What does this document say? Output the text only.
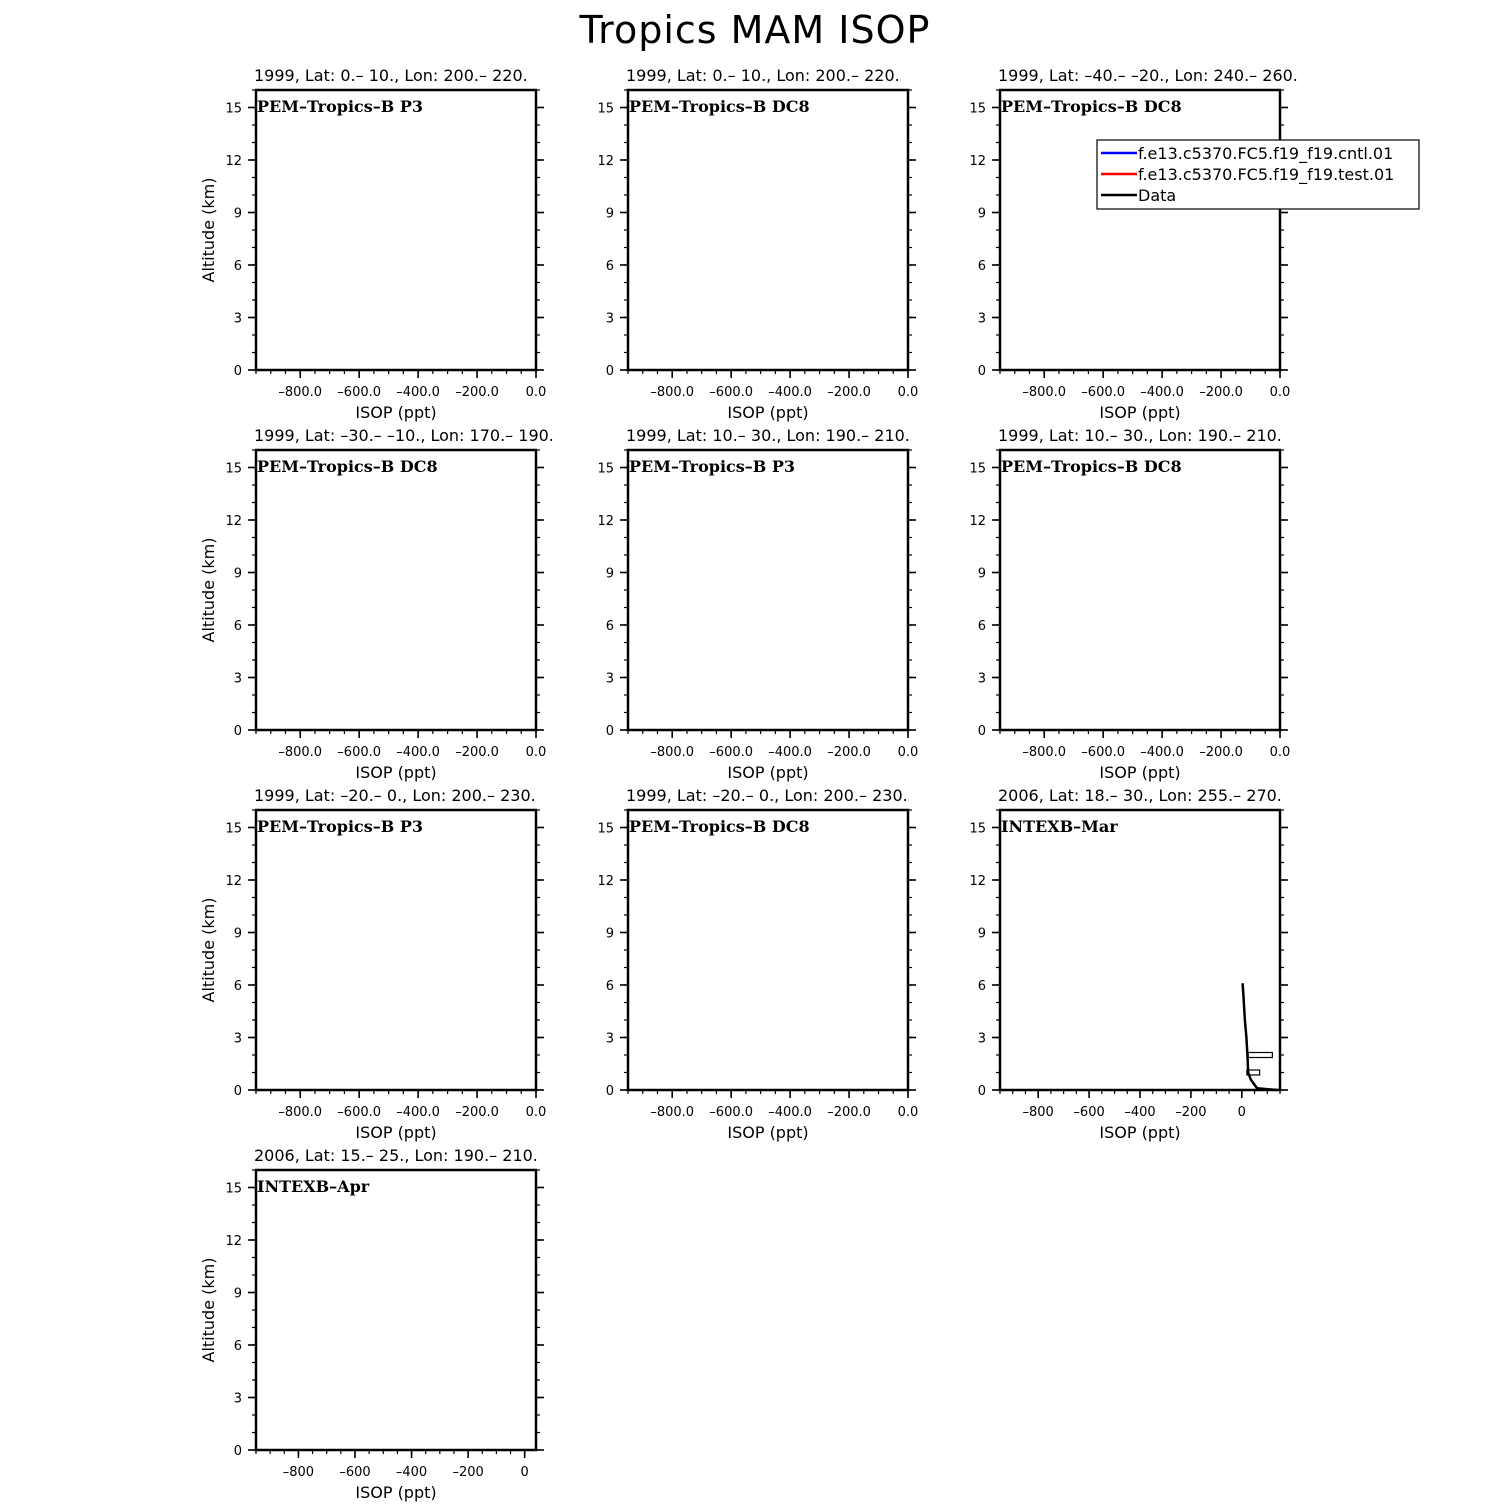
Tropics MAM ISOP
1999, Lat: 0.– 10., Lon: 200.– 220.
PEM–Tropics–B P3
0
3
6
9
12
15
–800.0 –600.0 –400.0 –200.0 0.0
ISOP (ppt)
Altitude (km)
1999, Lat: 0.– 10., Lon: 200.– 220.
PEM–Tropics–B DC8
0
3
6
9
12
15
–800.0 –600.0 –400.0 –200.0 0.0
ISOP (ppt)
1999, Lat: –40.– –20., Lon: 240.– 260.
PEM–Tropics–B DC8
0
3
6
9
12
15
–800.0 –600.0 –400.0 –200.0 0.0
ISOP (ppt)
f.e13.c5370.FC5.f19_f19.cntl.01
f.e13.c5370.FC5.f19_f19.test.01
Data
1999, Lat: –30.– –10., Lon: 170.– 190.
PEM–Tropics–B DC8
0
3
6
9
12
15
–800.0 –600.0 –400.0 –200.0 0.0
ISOP (ppt)
Altitude (km)
1999, Lat: 10.– 30., Lon: 190.– 210.
PEM–Tropics–B P3
0
3
6
9
12
15
–800.0 –600.0 –400.0 –200.0 0.0
ISOP (ppt)
1999, Lat: 10.– 30., Lon: 190.– 210.
PEM–Tropics–B DC8
0
3
6
9
12
15
–800.0 –600.0 –400.0 –200.0 0.0
ISOP (ppt)
1999, Lat: –20.– 0., Lon: 200.– 230.
PEM–Tropics–B P3
0
3
6
9
12
15
–800.0 –600.0 –400.0 –200.0 0.0
ISOP (ppt)
Altitude (km)
1999, Lat: –20.– 0., Lon: 200.– 230.
PEM–Tropics–B DC8
0
3
6
9
12
15
–800.0 –600.0 –400.0 –200.0 0.0
ISOP (ppt)
2006, Lat: 18.– 30., Lon: 255.– 270.
INTEXB–Mar
0
3
6
9
12
15
–800 –600 –400 –200 0
ISOP (ppt)
2006, Lat: 15.– 25., Lon: 190.– 210.
INTEXB–Apr
0
3
6
9
12
15
–800 –600 –400 –200	0
ISOP (ppt)
Altitude (km)
